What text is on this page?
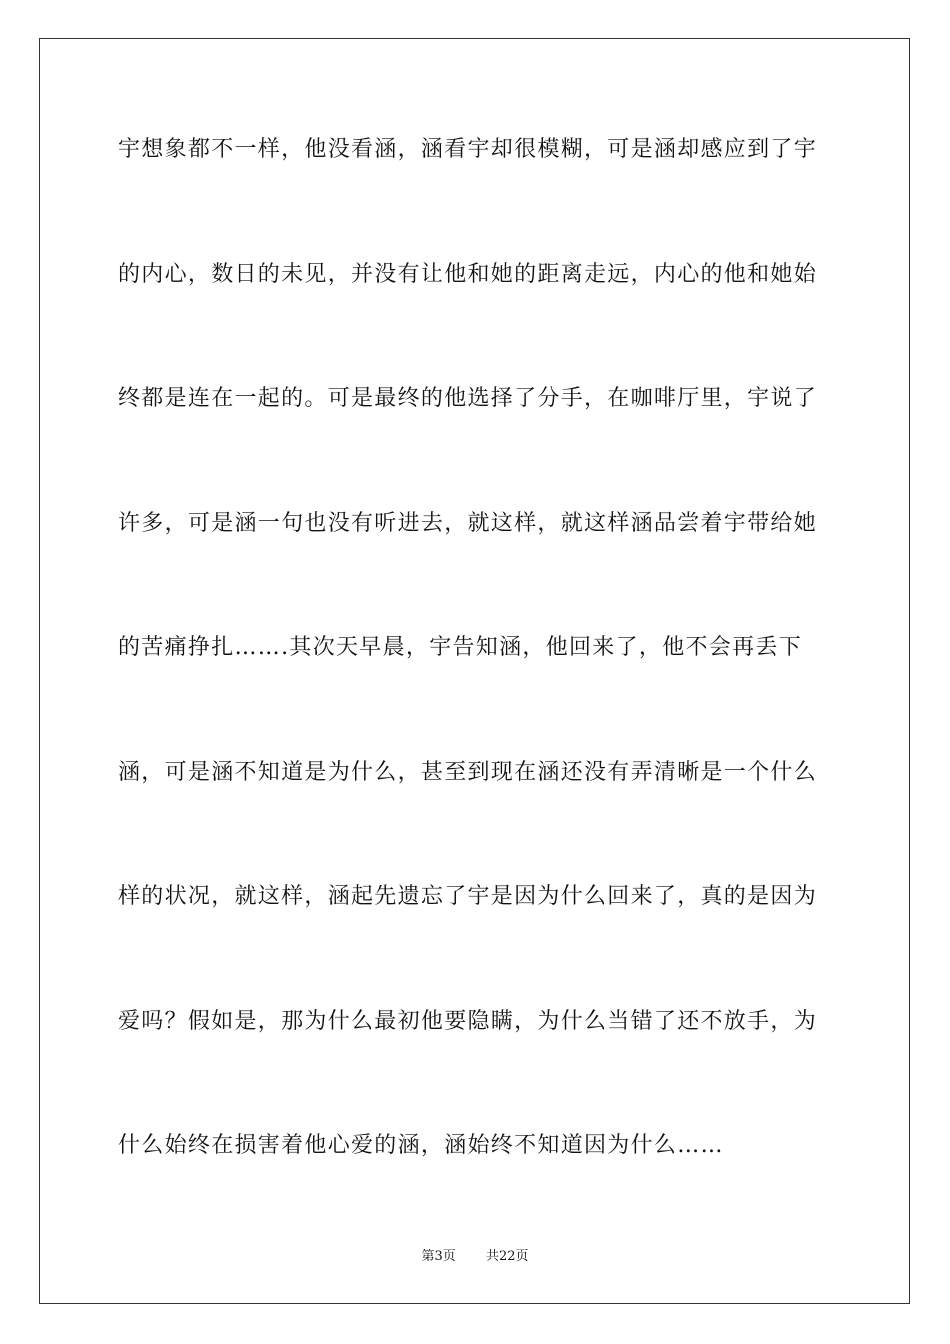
宇想象都不一样，他没看涵，涵看宇却很模糊，可是涵却感应到了宇
的内心，数日的未见，并没有让他和她的距离走远，内心的他和她始
终都是连在一起的。可是最终的他选择了分手，在咖啡厅里，宇说了
许多，可是涵一句也没有听进去，就这样，就这样涵品尝着宇带给她
的苦痛挣扎…….其次天早晨，宇告知涵，他回来了，他不会再丢下
涵，可是涵不知道是为什么，甚至到现在涵还没有弄清晰是一个什么
样的状况，就这样，涵起先遗忘了宇是因为什么回来了，真的是因为
爱吗？假如是，那为什么最初他要隐瞒，为什么当错了还不放手，为
什么始终在损害着他心爱的涵，涵始终不知道因为什么……
第3页 共22页
